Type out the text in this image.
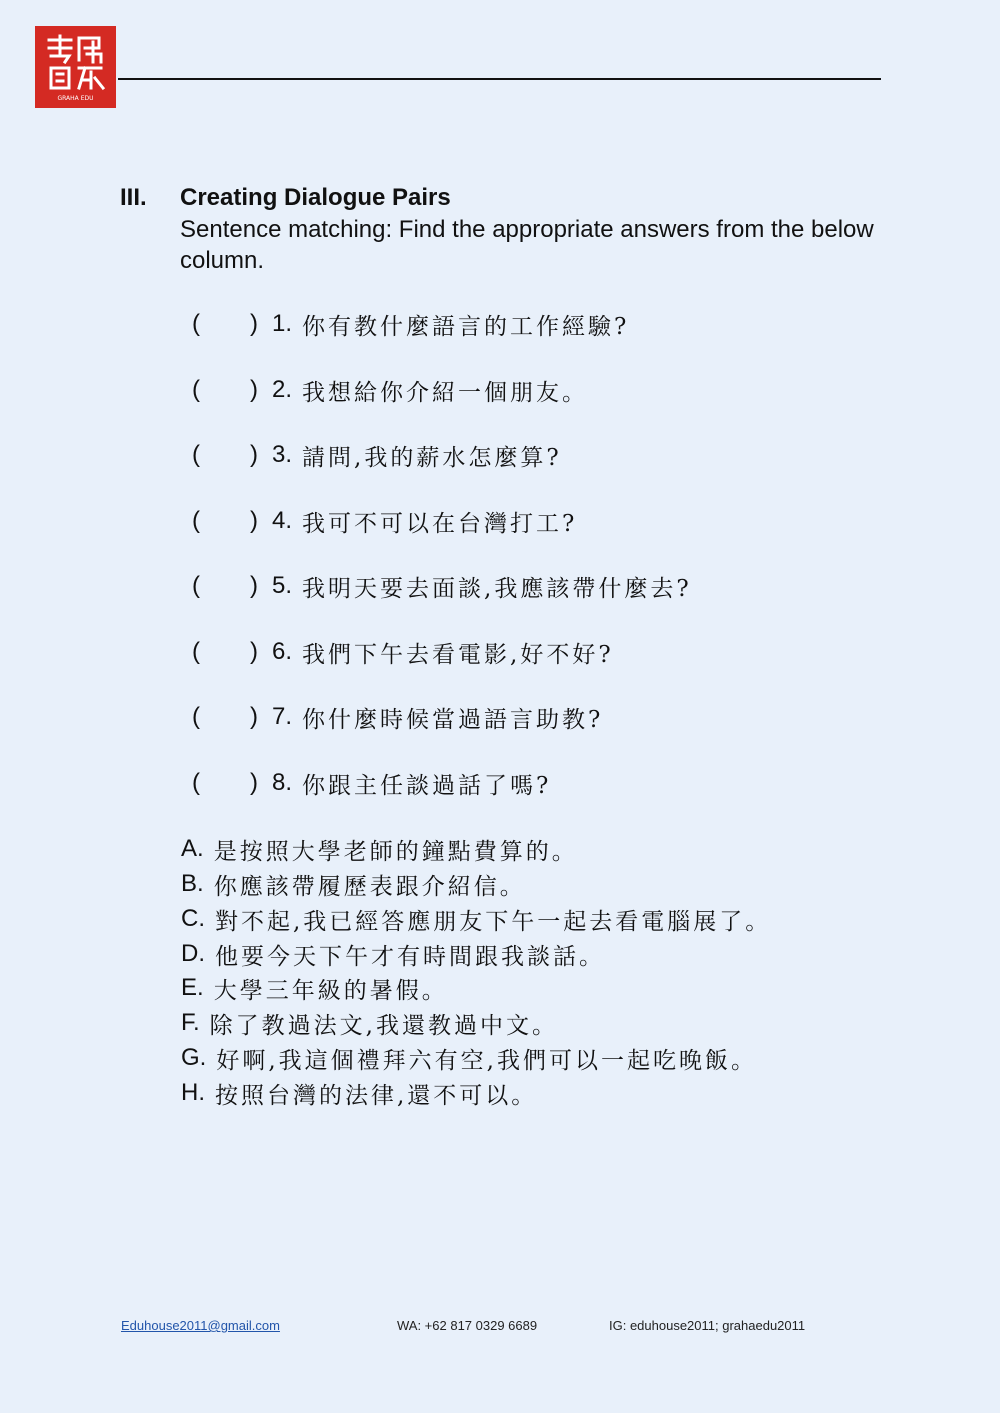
GRAHA EDU
III. Creating Dialogue Pairs
Sentence matching: Find the appropriate answers from the below column.
(	) 1. 你有教什麼語言的工作經驗?
(	) 2. 我想給你介紹一個朋友。
(	) 3. 請問,我的薪水怎麼算?
(	) 4. 我可不可以在台灣打工?
(	) 5. 我明天要去面談,我應該帶什麼去?
(	) 6. 我們下午去看電影,好不好?
(	) 7. 你什麼時候當過語言助教?
(	) 8. 你跟主任談過話了嗎?
A. 是按照大學老師的鐘點費算的。
B. 你應該帶履歷表跟介紹信。
C. 對不起,我已經答應朋友下午一起去看電腦展了。
D. 他要今天下午才有時間跟我談話。
E. 大學三年級的暑假。
F. 除了教過法文,我還教過中文。
G. 好啊,我這個禮拜六有空,我們可以一起吃晚飯。
H. 按照台灣的法律,還不可以。
Eduhouse2011@gmail.com	WA: +62 817 0329 6689	IG: eduhouse2011; grahaedu2011
